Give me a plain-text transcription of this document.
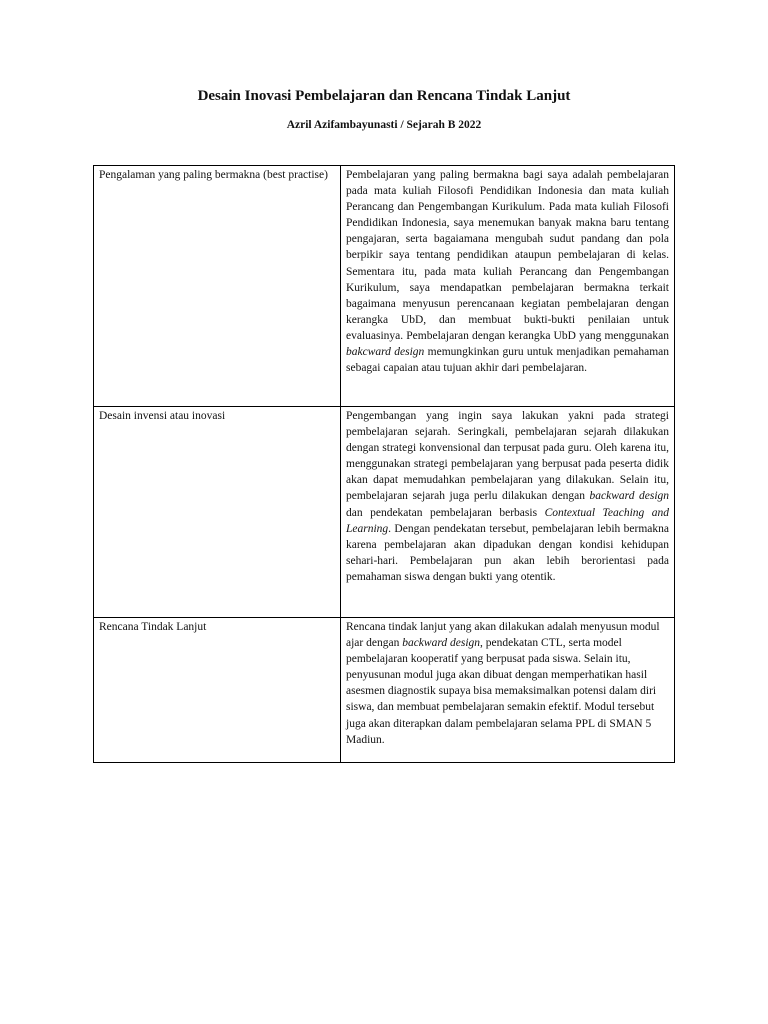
Desain Inovasi Pembelajaran dan Rencana Tindak Lanjut
Azril Azifambayunasti / Sejarah B 2022
Pengalaman yang paling bermakna (best practise)	Pembelajaran yang paling bermakna bagi saya adalah pembelajaran pada mata kuliah Filosofi Pendidikan Indonesia dan mata kuliah Perancang dan Pengembangan Kurikulum. Pada mata kuliah Filosofi Pendidikan Indonesia, saya menemukan banyak makna baru tentang pengajaran, serta bagaiamana mengubah sudut pandang dan pola berpikir saya tentang pendidikan ataupun pembelajaran di kelas. Sementara itu, pada mata kuliah Perancang dan Pengembangan Kurikulum, saya mendapatkan pembelajaran bermakna terkait bagaimana menyusun perencanaan kegiatan pembelajaran dengan kerangka UbD, dan membuat bukti-bukti penilaian untuk evaluasinya. Pembelajaran dengan kerangka UbD yang menggunakan bakcward design memungkinkan guru untuk menjadikan pemahaman sebagai capaian atau tujuan akhir dari pembelajaran.
Desain invensi atau inovasi	Pengembangan yang ingin saya lakukan yakni pada strategi pembelajaran sejarah. Seringkali, pembelajaran sejarah dilakukan dengan strategi konvensional dan terpusat pada guru. Oleh karena itu, menggunakan strategi pembelajaran yang berpusat pada peserta didik akan dapat memudahkan pembelajaran yang dilakukan. Selain itu, pembelajaran sejarah juga perlu dilakukan dengan backward design dan pendekatan pembelajaran berbasis Contextual Teaching and Learning. Dengan pendekatan tersebut, pembelajaran lebih bermakna karena pembelajaran akan dipadukan dengan kondisi kehidupan sehari-hari. Pembelajaran pun akan lebih berorientasi pada pemahaman siswa dengan bukti yang otentik.
Rencana Tindak Lanjut	Rencana tindak lanjut yang akan dilakukan adalah menyusun modul ajar dengan backward design, pendekatan CTL, serta model pembelajaran kooperatif yang berpusat pada siswa. Selain itu, penyusunan modul juga akan dibuat dengan memperhatikan hasil asesmen diagnostik supaya bisa memaksimalkan potensi dalam diri siswa, dan membuat pembelajaran semakin efektif. Modul tersebut juga akan diterapkan dalam pembelajaran selama PPL di SMAN 5 Madiun.
